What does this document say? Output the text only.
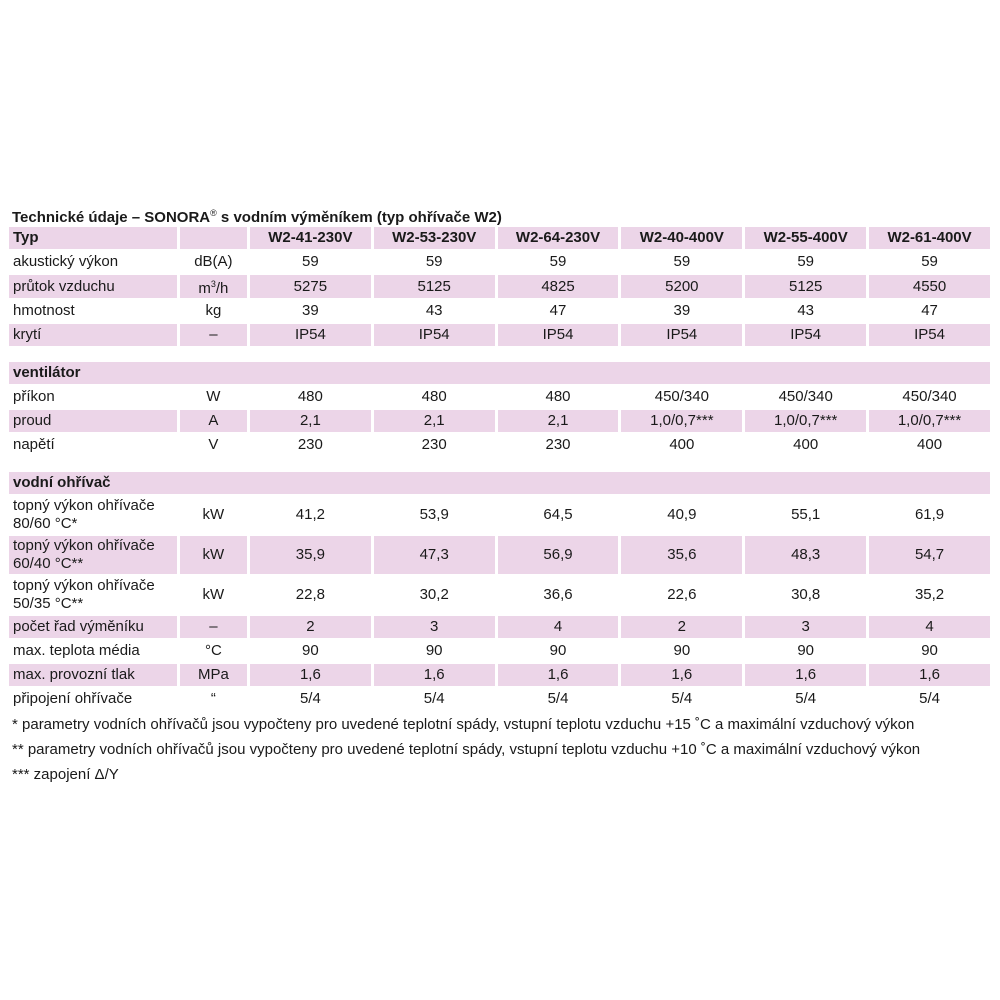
Technické údaje – SONORA® s vodním výměníkem (typ ohřívače W2)
Typ		W2-41-230V	W2-53-230V	W2-64-230V	W2-40-400V	W2-55-400V	W2-61-400V
akustický výkon	dB(A)	59	59	59	59	59	59
průtok vzduchu	$m^3/h$	5275	5125	4825	5200	5125	4550
hmotnost	kg	39	43	47	39	43	47
krytí	–	IP54	IP54	IP54	IP54	IP54	IP54

ventilátor							
příkon	W	480	480	480	450/340	450/340	450/340
proud	A	2,1	2,1	2,1	1,0/0,7***	1,0/0,7***	1,0/0,7***
napětí	V	230	230	230	400	400	400

vodní ohřívač							
topný výkon ohřívače 80/60 °C*	kW	41,2	53,9	64,5	40,9	55,1	61,9
topný výkon ohřívače 60/40 °C**	kW	35,9	47,3	56,9	35,6	48,3	54,7
topný výkon ohřívače 50/35 °C**	kW	22,8	30,2	36,6	22,6	30,8	35,2
počet řad výměníku	–	2	3	4	2	3	4
max. teplota média	°C	90	90	90	90	90	90
max. provozní tlak	MPa	1,6	1,6	1,6	1,6	1,6	1,6
připojení ohřívače	“	5/4	5/4	5/4	5/4	5/4	5/4
* parametry vodních ohřívačů jsou vypočteny pro uvedené teplotní spády, vstupní teplotu vzduchu +15 ˚C a maximální vzduchový výkon
** parametry vodních ohřívačů jsou vypočteny pro uvedené teplotní spády, vstupní teplotu vzduchu +10 ˚C a maximální vzduchový výkon
*** zapojení Δ/Y
